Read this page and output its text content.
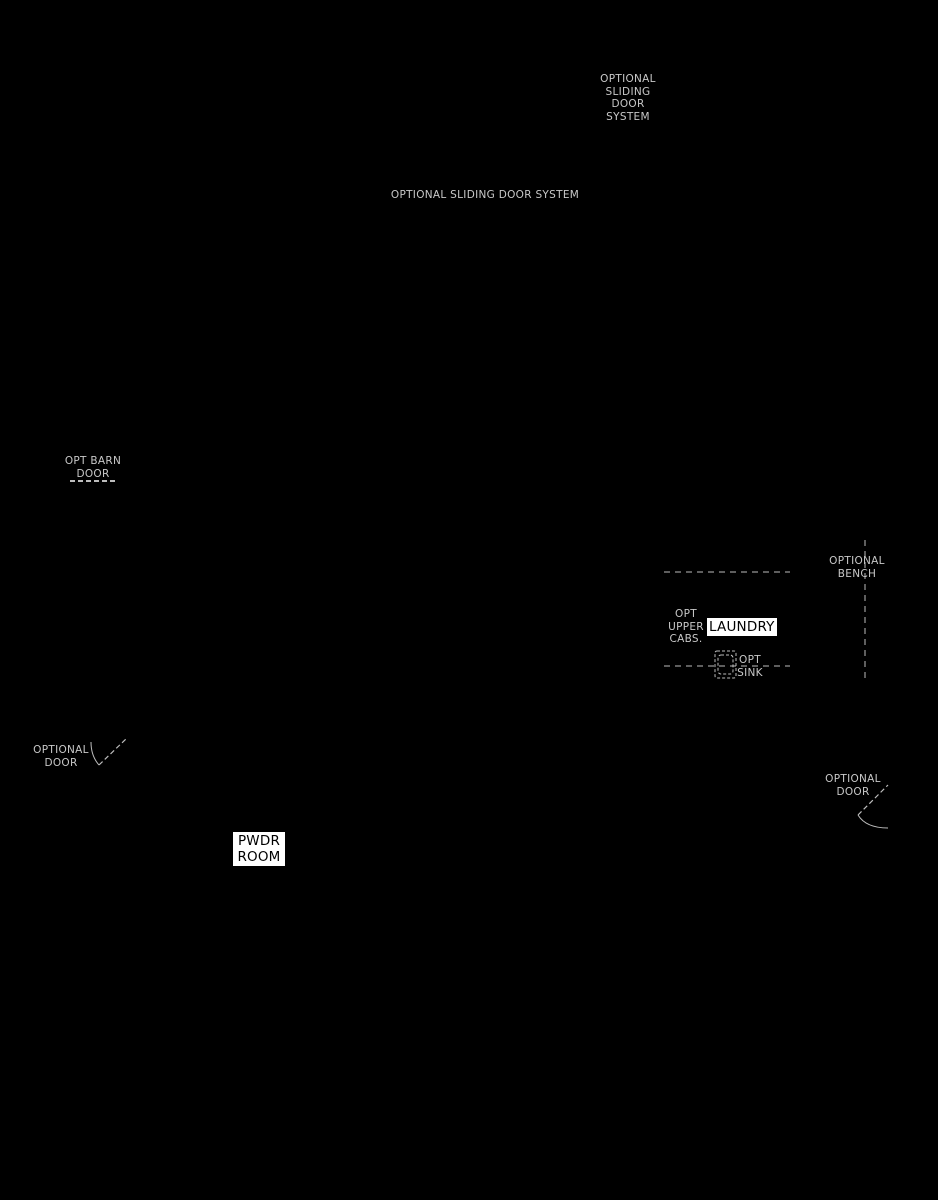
OPTIONAL
SLIDING
DOOR
SYSTEM
OPTIONAL SLIDING DOOR SYSTEM
OPT BARN
DOOR
OPTIONAL
BENCH
OPT
UPPER
CABS.
LAUNDRY
OPT
SINK
OPTIONAL
DOOR
OPTIONAL
DOOR
PWDR
ROOM
